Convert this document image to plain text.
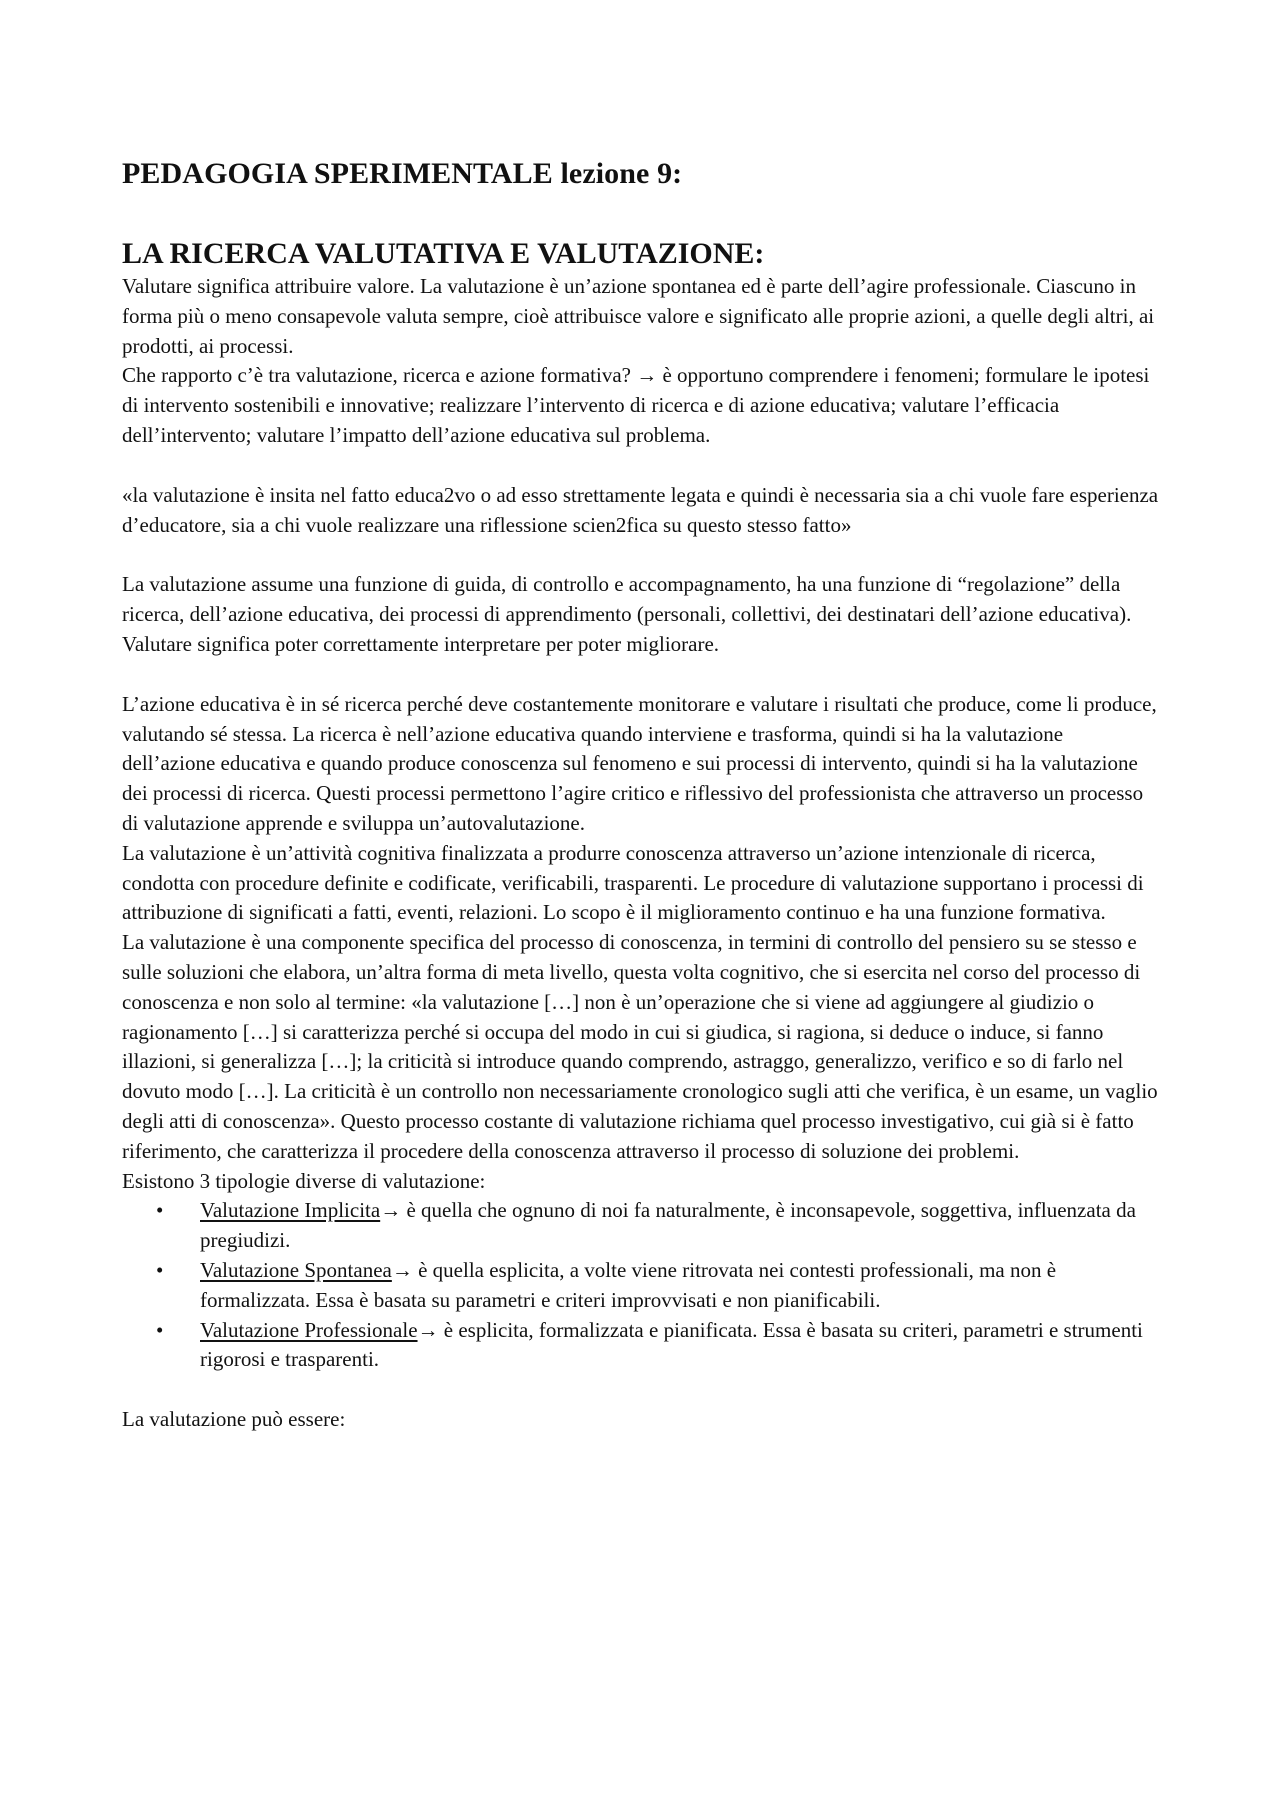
PEDAGOGIA SPERIMENTALE lezione 9:
LA RICERCA VALUTATIVA E VALUTAZIONE:

Valutare significa attribuire valore. La valutazione è un’azione spontanea ed è parte dell’agire professionale. Ciascuno in forma più o meno consapevole valuta sempre, cioè attribuisce valore e significato alle proprie azioni, a quelle degli altri, ai prodotti, ai processi.

Che rapporto c’è tra valutazione, ricerca e azione formativa? → è opportuno comprendere i fenomeni; formulare le ipotesi di intervento sostenibili e innovative; realizzare l’intervento di ricerca e di azione educativa; valutare l’efficacia dell’intervento; valutare l’impatto dell’azione educativa sul problema.

«la valutazione è insita nel fatto educa2vo o ad esso strettamente legata e quindi è necessaria sia a chi vuole fare esperienza d’educatore, sia a chi vuole realizzare una riflessione scien2fica su questo stesso fatto»

La valutazione assume una funzione di guida, di controllo e accompagnamento, ha una funzione di “regolazione” della ricerca, dell’azione educativa, dei processi di apprendimento (personali, collettivi, dei destinatari dell’azione educativa). Valutare significa poter correttamente interpretare per poter migliorare.

L’azione educativa è in sé ricerca perché deve costantemente monitorare e valutare i risultati che produce, come li produce, valutando sé stessa. La ricerca è nell’azione educativa quando interviene e trasforma, quindi si ha la valutazione dell’azione educativa e quando produce conoscenza sul fenomeno e sui processi di intervento, quindi si ha la valutazione dei processi di ricerca. Questi processi permettono l’agire critico e riflessivo del professionista che attraverso un processo di valutazione apprende e sviluppa un’autovalutazione.

La valutazione è un’attività cognitiva finalizzata a produrre conoscenza attraverso un’azione intenzionale di ricerca, condotta con procedure definite e codificate, verificabili, trasparenti. Le procedure di valutazione supportano i processi di attribuzione di significati a fatti, eventi, relazioni. Lo scopo è il miglioramento continuo e ha una funzione formativa.

La valutazione è una componente specifica del processo di conoscenza, in termini di controllo del pensiero su se stesso e sulle soluzioni che elabora, un’altra forma di meta livello, questa volta cognitivo, che si esercita nel corso del processo di conoscenza e non solo al termine: «la valutazione […] non è un’operazione che si viene ad aggiungere al giudizio o ragionamento […] si caratterizza perché si occupa del modo in cui si giudica, si ragiona, si deduce o induce, si fanno illazioni, si generalizza […]; la criticità si introduce quando comprendo, astraggo, generalizzo, verifico e so di farlo nel dovuto modo […]. La criticità è un controllo non necessariamente cronologico sugli atti che verifica, è un esame, un vaglio degli atti di conoscenza». Questo processo costante di valutazione richiama quel processo investigativo, cui già si è fatto riferimento, che caratterizza il procedere della conoscenza attraverso il processo di soluzione dei problemi.

Esistono 3 tipologie diverse di valutazione:

• Valutazione Implicita→ è quella che ognuno di noi fa naturalmente, è inconsapevole, soggettiva, influenzata da pregiudizi.
• Valutazione Spontanea→ è quella esplicita, a volte viene ritrovata nei contesti professionali, ma non è formalizzata. Essa è basata su parametri e criteri improvvisati e non pianificabili.
• Valutazione Professionale→ è esplicita, formalizzata e pianificata. Essa è basata su criteri, parametri e strumenti rigorosi e trasparenti.

La valutazione può essere:
